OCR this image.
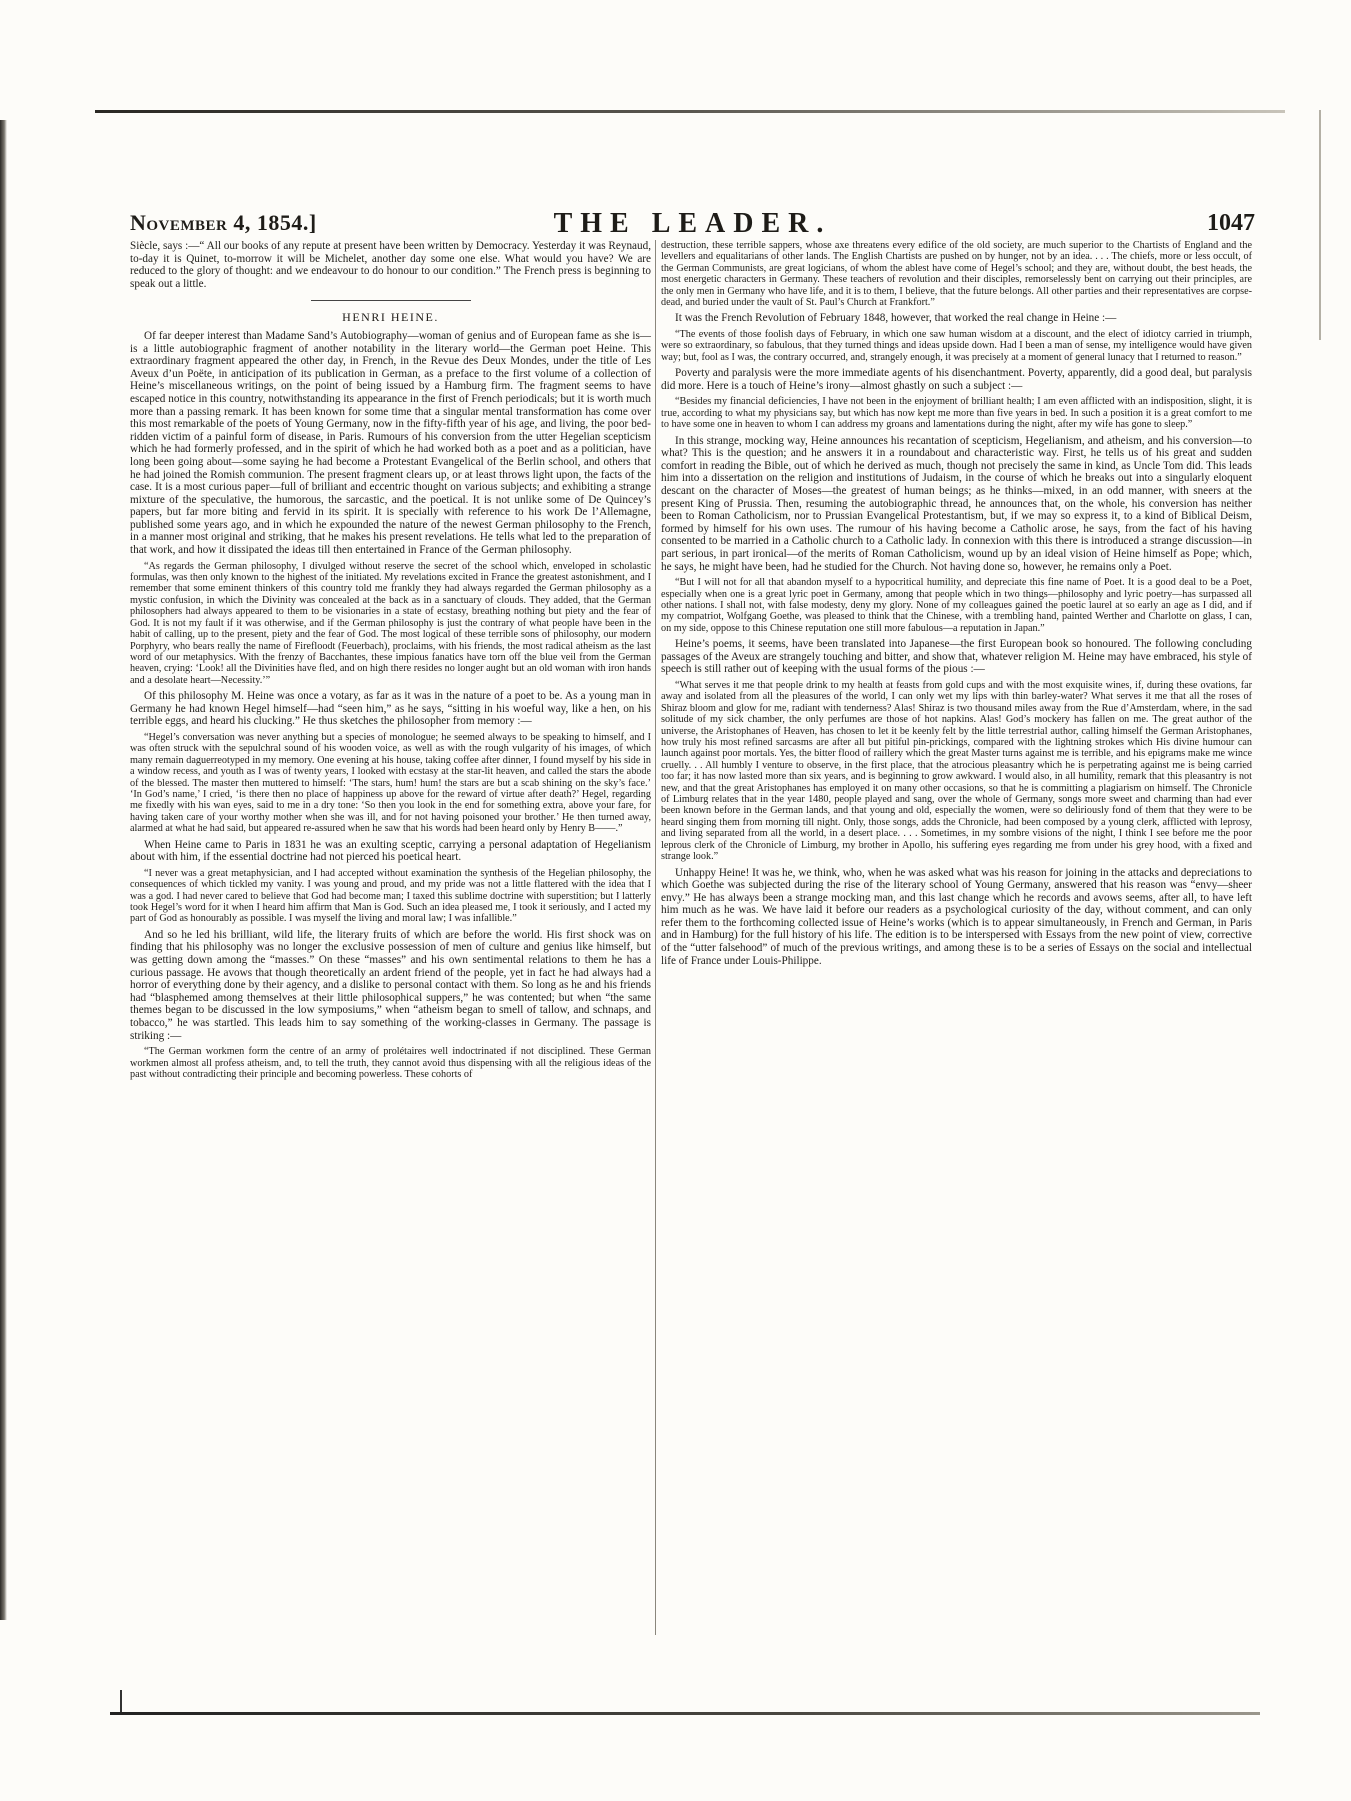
November 4, 1854.]	THE LEADER.	1047

Siècle, says :—“ All our books of any repute at present have been written by Democracy. Yesterday it was Reynaud, to-day it is Quinet, to-morrow it will be Michelet, another day some one else. What would you have? We are reduced to the glory of thought: and we endeavour to do honour to our condition.” The French press is beginning to speak out a little.

HENRI HEINE.

Of far deeper interest than Madame Sand’s Autobiography—woman of genius and of European fame as she is—is a little autobiographic fragment of another notability in the literary world—the German poet Heine. This extraordinary fragment appeared the other day, in French, in the Revue des Deux Mondes, under the title of Les Aveux d’un Poëte, in anticipation of its publication in German, as a preface to the first volume of a collection of Heine’s miscellaneous writings, on the point of being issued by a Hamburg firm. The fragment seems to have escaped notice in this country, notwithstanding its appearance in the first of French periodicals; but it is worth much more than a passing remark. It has been known for some time that a singular mental transformation has come over this most remarkable of the poets of Young Germany, now in the fifty-fifth year of his age, and living, the poor bed-ridden victim of a painful form of disease, in Paris. Rumours of his conversion from the utter Hegelian scepticism which he had formerly professed, and in the spirit of which he had worked both as a poet and as a politician, have long been going about—some saying he had become a Protestant Evangelical of the Berlin school, and others that he had joined the Romish communion. The present fragment clears up, or at least throws light upon, the facts of the case. It is a most curious paper—full of brilliant and eccentric thought on various subjects; and exhibiting a strange mixture of the speculative, the humorous, the sarcastic, and the poetical. It is not unlike some of De Quincey’s papers, but far more biting and fervid in its spirit. It is specially with reference to his work De l’Allemagne, published some years ago, and in which he expounded the nature of the newest German philosophy to the French, in a manner most original and striking, that he makes his present revelations. He tells what led to the preparation of that work, and how it dissipated the ideas till then entertained in France of the German philosophy.

“As regards the German philosophy, I divulged without reserve the secret of the school which, enveloped in scholastic formulas, was then only known to the highest of the initiated. My revelations excited in France the greatest astonishment, and I remember that some eminent thinkers of this country told me frankly they had always regarded the German philosophy as a mystic confusion, in which the Divinity was concealed at the back as in a sanctuary of clouds. They added, that the German philosophers had always appeared to them to be visionaries in a state of ecstasy, breathing nothing but piety and the fear of God. It is not my fault if it was otherwise, and if the German philosophy is just the contrary of what people have been in the habit of calling, up to the present, piety and the fear of God. The most logical of these terrible sons of philosophy, our modern Porphyry, who bears really the name of Firefloodt (Feuerbach), proclaims, with his friends, the most radical atheism as the last word of our metaphysics. With the frenzy of Bacchantes, these impious fanatics have torn off the blue veil from the German heaven, crying: ‘Look! all the Divinities have fled, and on high there resides no longer aught but an old woman with iron hands and a desolate heart—Necessity.’”

Of this philosophy M. Heine was once a votary, as far as it was in the nature of a poet to be. As a young man in Germany he had known Hegel himself—had “seen him,” as he says, “sitting in his woeful way, like a hen, on his terrible eggs, and heard his clucking.” He thus sketches the philosopher from memory :—

“Hegel’s conversation was never anything but a species of monologue; he seemed always to be speaking to himself, and I was often struck with the sepulchral sound of his wooden voice, as well as with the rough vulgarity of his images, of which many remain daguerreotyped in my memory. One evening at his house, taking coffee after dinner, I found myself by his side in a window recess, and youth as I was of twenty years, I looked with ecstasy at the star-lit heaven, and called the stars the abode of the blessed. The master then muttered to himself: ‘The stars, hum! hum! the stars are but a scab shining on the sky’s face.’ ‘In God’s name,’ I cried, ‘is there then no place of happiness up above for the reward of virtue after death?’ Hegel, regarding me fixedly with his wan eyes, said to me in a dry tone: ‘So then you look in the end for something extra, above your fare, for having taken care of your worthy mother when she was ill, and for not having poisoned your brother.’ He then turned away, alarmed at what he had said, but appeared re-assured when he saw that his words had been heard only by Henry B——.”

When Heine came to Paris in 1831 he was an exulting sceptic, carrying a personal adaptation of Hegelianism about with him, if the essential doctrine had not pierced his poetical heart.

“I never was a great metaphysician, and I had accepted without examination the synthesis of the Hegelian philosophy, the consequences of which tickled my vanity. I was young and proud, and my pride was not a little flattered with the idea that I was a god. I had never cared to believe that God had become man; I taxed this sublime doctrine with superstition; but I latterly took Hegel’s word for it when I heard him affirm that Man is God. Such an idea pleased me, I took it seriously, and I acted my part of God as honourably as possible. I was myself the living and moral law; I was infallible.”

And so he led his brilliant, wild life, the literary fruits of which are before the world. His first shock was on finding that his philosophy was no longer the exclusive possession of men of culture and genius like himself, but was getting down among the “masses.” On these “masses” and his own sentimental relations to them he has a curious passage. He avows that though theoretically an ardent friend of the people, yet in fact he had always had a horror of everything done by their agency, and a dislike to personal contact with them. So long as he and his friends had “blasphemed among themselves at their little philosophical suppers,” he was contented; but when “the same themes began to be discussed in the low symposiums,” when “atheism began to smell of tallow, and schnaps, and tobacco,” he was startled. This leads him to say something of the working-classes in Germany. The passage is striking :—

“The German workmen form the centre of an army of prolétaires well indoctrinated if not disciplined. These German workmen almost all profess atheism, and, to tell the truth, they cannot avoid thus dispensing with all the religious ideas of the past without contradicting their principle and becoming powerless. These cohorts of

destruction, these terrible sappers, whose axe threatens every edifice of the old society, are much superior to the Chartists of England and the levellers and equalitarians of other lands. The English Chartists are pushed on by hunger, not by an idea. . . . The chiefs, more or less occult, of the German Communists, are great logicians, of whom the ablest have come of Hegel’s school; and they are, without doubt, the best heads, the most energetic characters in Germany. These teachers of revolution and their disciples, remorselessly bent on carrying out their principles, are the only men in Germany who have life, and it is to them, I believe, that the future belongs. All other parties and their representatives are corpse-dead, and buried under the vault of St. Paul’s Church at Frankfort.”

It was the French Revolution of February 1848, however, that worked the real change in Heine :—

“The events of those foolish days of February, in which one saw human wisdom at a discount, and the elect of idiotcy carried in triumph, were so extraordinary, so fabulous, that they turned things and ideas upside down. Had I been a man of sense, my intelligence would have given way; but, fool as I was, the contrary occurred, and, strangely enough, it was precisely at a moment of general lunacy that I returned to reason.”

Poverty and paralysis were the more immediate agents of his disenchantment. Poverty, apparently, did a good deal, but paralysis did more. Here is a touch of Heine’s irony—almost ghastly on such a subject :—

“Besides my financial deficiencies, I have not been in the enjoyment of brilliant health; I am even afflicted with an indisposition, slight, it is true, according to what my physicians say, but which has now kept me more than five years in bed. In such a position it is a great comfort to me to have some one in heaven to whom I can address my groans and lamentations during the night, after my wife has gone to sleep.”

In this strange, mocking way, Heine announces his recantation of scepticism, Hegelianism, and atheism, and his conversion—to what? This is the question; and he answers it in a roundabout and characteristic way. First, he tells us of his great and sudden comfort in reading the Bible, out of which he derived as much, though not precisely the same in kind, as Uncle Tom did. This leads him into a dissertation on the religion and institutions of Judaism, in the course of which he breaks out into a singularly eloquent descant on the character of Moses—the greatest of human beings; as he thinks—mixed, in an odd manner, with sneers at the present King of Prussia. Then, resuming the autobiographic thread, he announces that, on the whole, his conversion has neither been to Roman Catholicism, nor to Prussian Evangelical Protestantism, but, if we may so express it, to a kind of Biblical Deism, formed by himself for his own uses. The rumour of his having become a Catholic arose, he says, from the fact of his having consented to be married in a Catholic church to a Catholic lady. In connexion with this there is introduced a strange discussion—in part serious, in part ironical—of the merits of Roman Catholicism, wound up by an ideal vision of Heine himself as Pope; which, he says, he might have been, had he studied for the Church. Not having done so, however, he remains only a Poet.

“But I will not for all that abandon myself to a hypocritical humility, and depreciate this fine name of Poet. It is a good deal to be a Poet, especially when one is a great lyric poet in Germany, among that people which in two things—philosophy and lyric poetry—has surpassed all other nations. I shall not, with false modesty, deny my glory. None of my colleagues gained the poetic laurel at so early an age as I did, and if my compatriot, Wolfgang Goethe, was pleased to think that the Chinese, with a trembling hand, painted Werther and Charlotte on glass, I can, on my side, oppose to this Chinese reputation one still more fabulous—a reputation in Japan.”

Heine’s poems, it seems, have been translated into Japanese—the first European book so honoured. The following concluding passages of the Aveux are strangely touching and bitter, and show that, whatever religion M. Heine may have embraced, his style of speech is still rather out of keeping with the usual forms of the pious :—

“What serves it me that people drink to my health at feasts from gold cups and with the most exquisite wines, if, during these ovations, far away and isolated from all the pleasures of the world, I can only wet my lips with thin barley-water? What serves it me that all the roses of Shiraz bloom and glow for me, radiant with tenderness? Alas! Shiraz is two thousand miles away from the Rue d’Amsterdam, where, in the sad solitude of my sick chamber, the only perfumes are those of hot napkins. Alas! God’s mockery has fallen on me. The great author of the universe, the Aristophanes of Heaven, has chosen to let it be keenly felt by the little terrestrial author, calling himself the German Aristophanes, how truly his most refined sarcasms are after all but pitiful pin-prickings, compared with the lightning strokes which His divine humour can launch against poor mortals. Yes, the bitter flood of raillery which the great Master turns against me is terrible, and his epigrams make me wince cruelly. . . All humbly I venture to observe, in the first place, that the atrocious pleasantry which he is perpetrating against me is being carried too far; it has now lasted more than six years, and is beginning to grow awkward. I would also, in all humility, remark that this pleasantry is not new, and that the great Aristophanes has employed it on many other occasions, so that he is committing a plagiarism on himself. The Chronicle of Limburg relates that in the year 1480, people played and sang, over the whole of Germany, songs more sweet and charming than had ever been known before in the German lands, and that young and old, especially the women, were so deliriously fond of them that they were to be heard singing them from morning till night. Only, those songs, adds the Chronicle, had been composed by a young clerk, afflicted with leprosy, and living separated from all the world, in a desert place. . . . Sometimes, in my sombre visions of the night, I think I see before me the poor leprous clerk of the Chronicle of Limburg, my brother in Apollo, his suffering eyes regarding me from under his grey hood, with a fixed and strange look.”

Unhappy Heine! It was he, we think, who, when he was asked what was his reason for joining in the attacks and depreciations to which Goethe was subjected during the rise of the literary school of Young Germany, answered that his reason was “envy—sheer envy.” He has always been a strange mocking man, and this last change which he records and avows seems, after all, to have left him much as he was. We have laid it before our readers as a psychological curiosity of the day, without comment, and can only refer them to the forthcoming collected issue of Heine’s works (which is to appear simultaneously, in French and German, in Paris and in Hamburg) for the full history of his life. The edition is to be interspersed with Essays from the new point of view, corrective of the “utter falsehood” of much of the previous writings, and among these is to be a series of Essays on the social and intellectual life of France under Louis-Philippe.
